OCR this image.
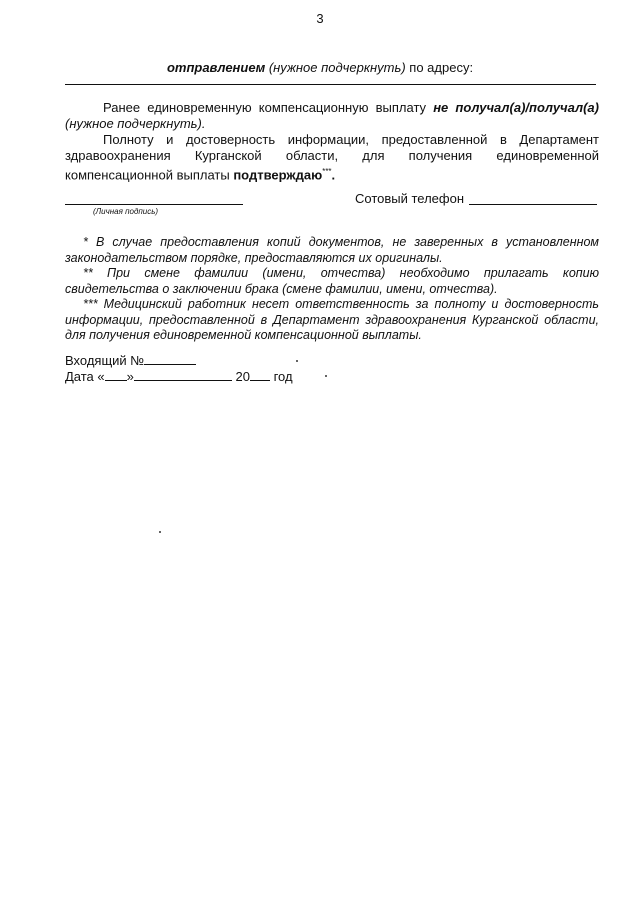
3
отправлением (нужное подчеркнуть) по адресу:
Ранее единовременную компенсационную выплату не получал(а)/получал(а) (нужное подчеркнуть).
Полноту и достоверность информации, предоставленной в Департамент здравоохранения Курганской области, для получения единовременной компенсационной выплаты подтверждаю***.
(Личная подпись)
Сотовый телефон

* В случае предоставления копий документов, не заверенных в установленном законодательством порядке, предоставляются их оригиналы.

** При смене фамилии (имени, отчества) необходимо прилагать копию свидетельства о заключении брака (смене фамилии, имени, отчества).

*** Медицинский работник несет ответственность за полноту и достоверность информации, предоставленной в Департамент здравоохранения Курганской области, для получения единовременной компенсационной выплаты.

Входящий №
Дата « »	20 год
